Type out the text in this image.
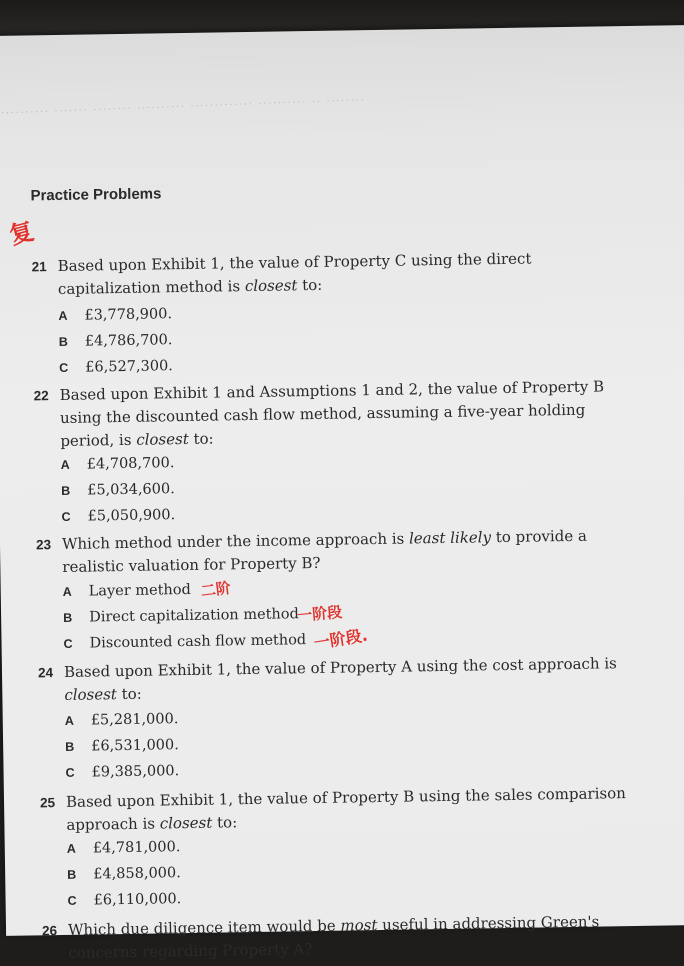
·········· ······· ········ ·········· ············· ·········· ·· ········
Practice Problems
复
21 Based upon Exhibit 1, the value of Property C using the direct capitalization method is closest to:
A £3,778,900.
B £4,786,700.
C £6,527,300.
22 Based upon Exhibit 1 and Assumptions 1 and 2, the value of Property B using the discounted cash flow method, assuming a five-year holding period, is closest to:
A £4,708,700.
B £5,034,600.
C £5,050,900.
23 Which method under the income approach is least likely to provide a realistic valuation for Property B?
A Layer method 二阶
B Direct capitalization method
一阶段
C Discounted cash flow method 一阶段.
24 Based upon Exhibit 1, the value of Property A using the cost approach is closest to:
A £5,281,000.
B £6,531,000.
C £9,385,000.
25 Based upon Exhibit 1, the value of Property B using the sales comparison approach is closest to:
A £4,781,000.
B £4,858,000.
C £6,110,000.
26 Which due diligence item would be most useful in addressing Green's concerns regarding Property A?
